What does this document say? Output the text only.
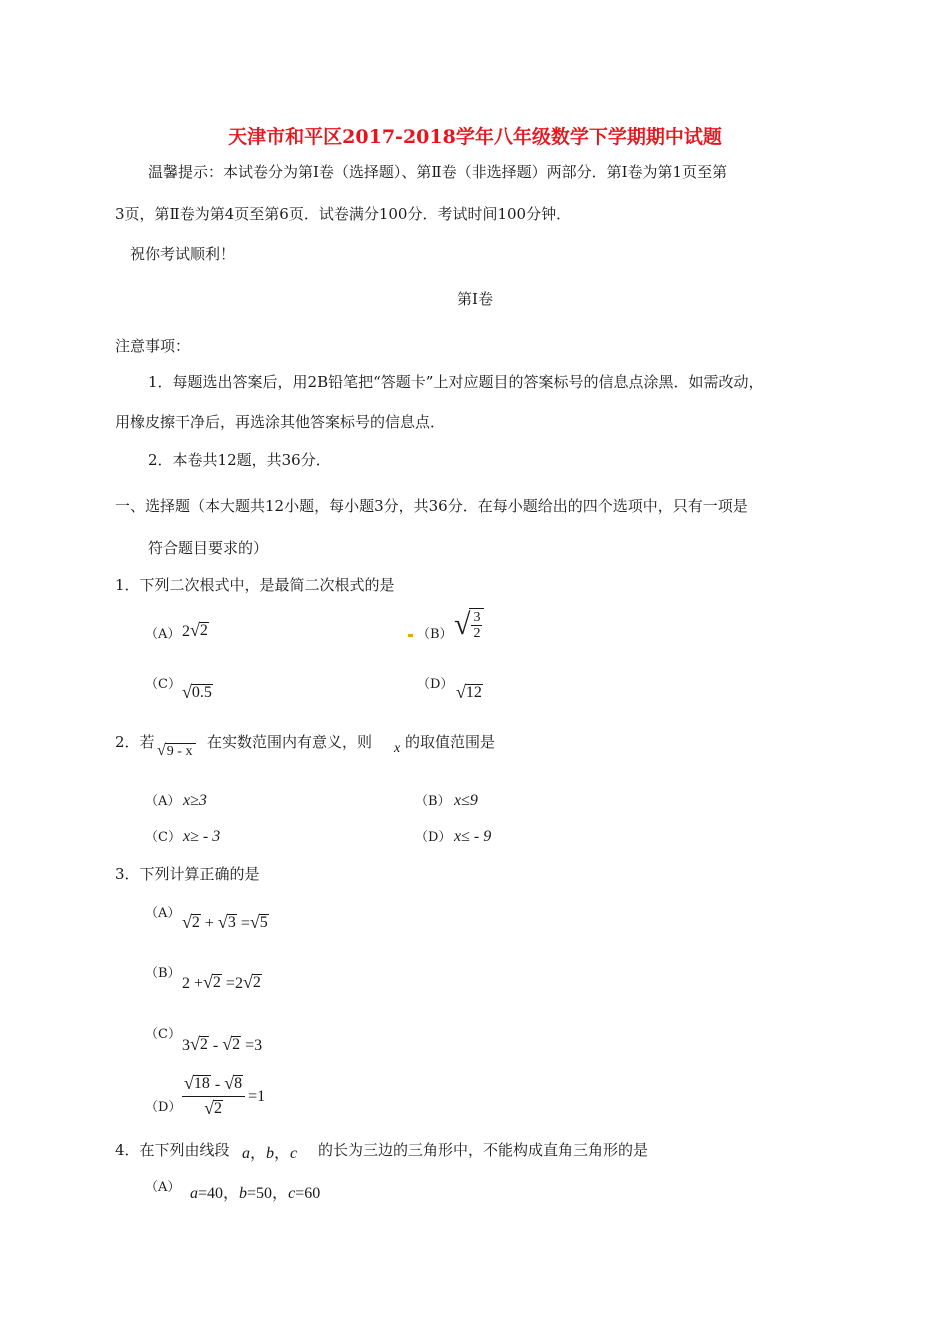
天津市和平区2017-2018学年八年级数学下学期期中试题
温馨提示：本试卷分为第Ⅰ卷（选择题）、第Ⅱ卷（非选择题）两部分．第Ⅰ卷为第1页至第
3页，第Ⅱ卷为第4页至第6页．试卷满分100分．考试时间100分钟．
祝你考试顺利！
第Ⅰ卷
注意事项：
1．每题选出答案后，用2B铅笔把“答题卡”上对应题目的答案标号的信息点涂黑．如需改动，
用橡皮擦干净后，再选涂其他答案标号的信息点．
2．本卷共12题，共36分．
一、选择题（本大题共12小题，每小题3分，共36分．在每小题给出的四个选项中，只有一项是
符合题目要求的）
1．下列二次根式中，是最简二次根式的是
（A） 2 √ 2	（B） √ $\frac{3}{2}$
（C） √ 0.5	（D） √ 12
2．若 √ 9 - x
在实数范围内有意义，则 x 的取值范围是
（A） x≥3	（B） x≤9
（C） x≥ - 3	（D） x≤ - 9
3．下列计算正确的是
（A） √ 2 + √ 3 = √ 5
（B）
2 + √ 2 =2 √ 2
（C）
3 √ 2 - √ 2 =3
$(D) \frac{√ 18 - √ 8}{√ 2} =1$
4．在下列由线段 a，b，c 的长为三边的三角形中，不能构成直角三角形的是
（A） a=40，b=50，c=60
